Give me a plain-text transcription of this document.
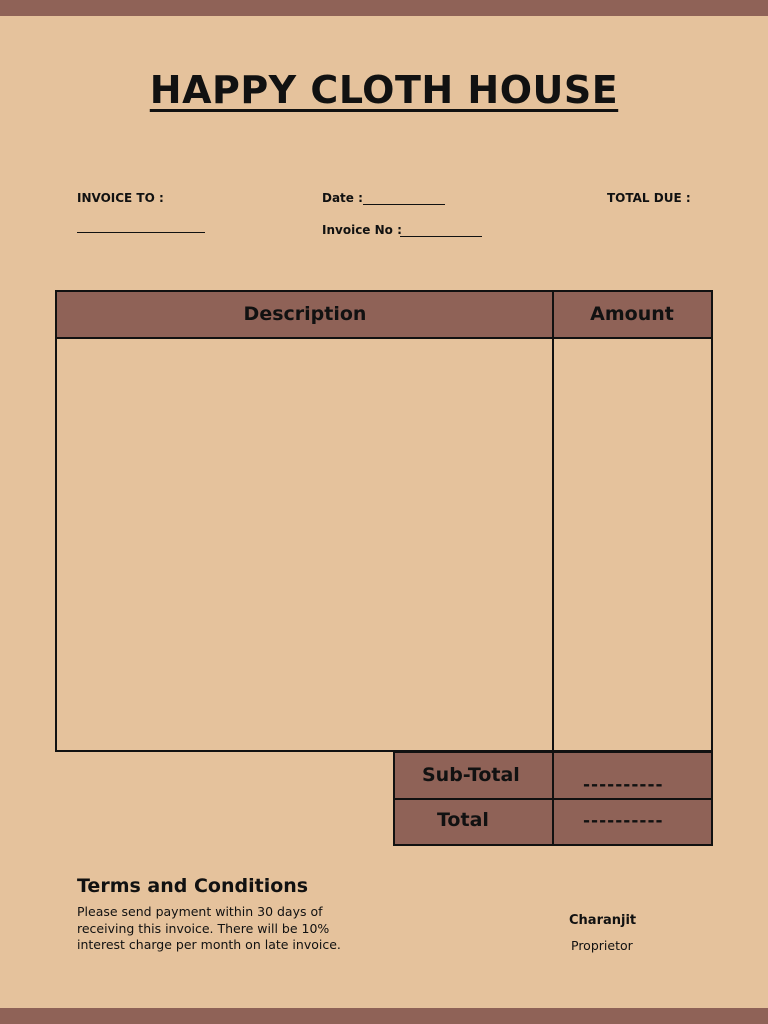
HAPPY CLOTH HOUSE
INVOICE TO :	Date :
Invoice No :
TOTAL DUE :
Description	Amount
Sub-Total	----------
Total	----------
Terms and Conditions
Please send payment within 30 days of receiving this invoice. There will be 10% interest charge per month on late invoice.
Charanjit
Proprietor
